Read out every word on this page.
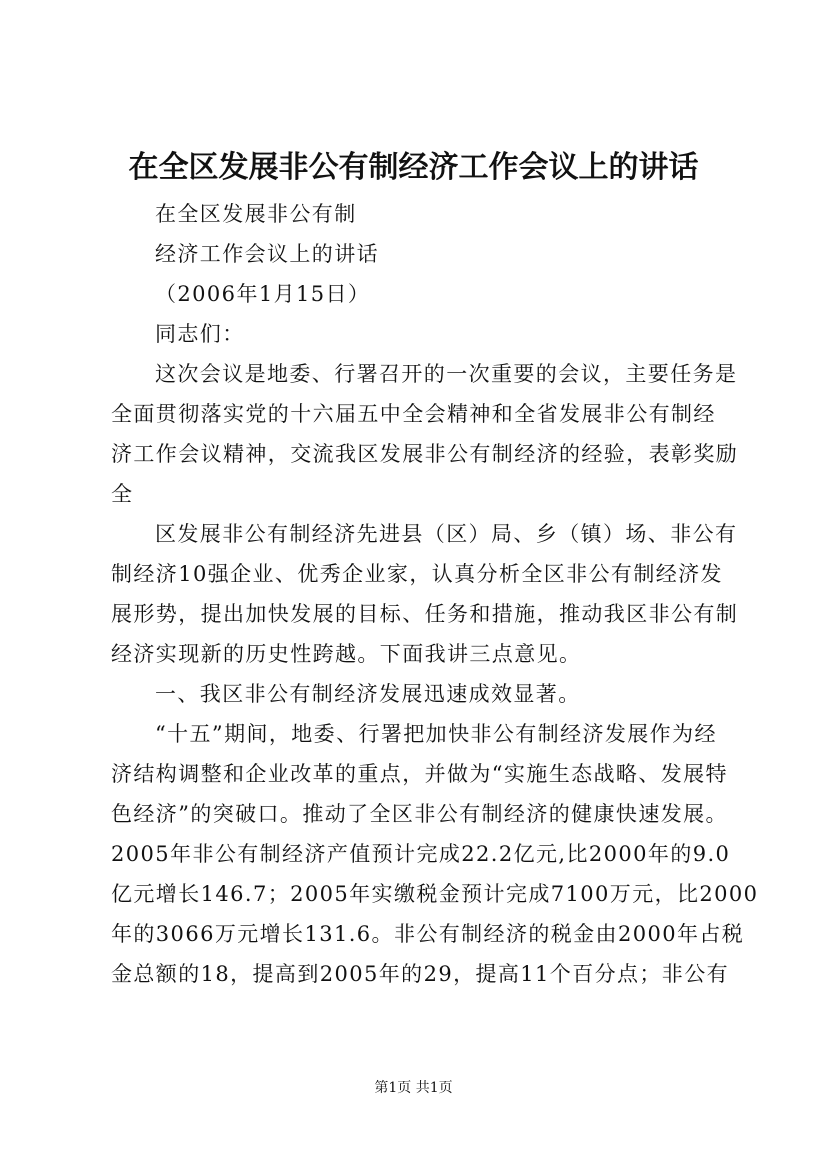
在全区发展非公有制经济工作会议上的讲话
在全区发展非公有制
经济工作会议上的讲话
（2006年1月15日）
同志们：
这次会议是地委、行署召开的一次重要的会议，主要任务是
全面贯彻落实党的十六届五中全会精神和全省发展非公有制经
济工作会议精神，交流我区发展非公有制经济的经验，表彰奖励
全
区发展非公有制经济先进县（区）局、乡（镇）场、非公有
制经济10强企业、优秀企业家，认真分析全区非公有制经济发
展形势，提出加快发展的目标、任务和措施，推动我区非公有制
经济实现新的历史性跨越。下面我讲三点意见。
一、我区非公有制经济发展迅速成效显著。
“十五”期间，地委、行署把加快非公有制经济发展作为经
济结构调整和企业改革的重点，并做为“实施生态战略、发展特
色经济”的突破口。推动了全区非公有制经济的健康快速发展。
2005年非公有制经济产值预计完成22.2亿元,比2000年的9.0
亿元增长146.7；2005年实缴税金预计完成7100万元，比2000
年的3066万元增长131.6。非公有制经济的税金由2000年占税
金总额的18，提高到2005年的29，提高11个百分点；非公有
第1页 共1页
